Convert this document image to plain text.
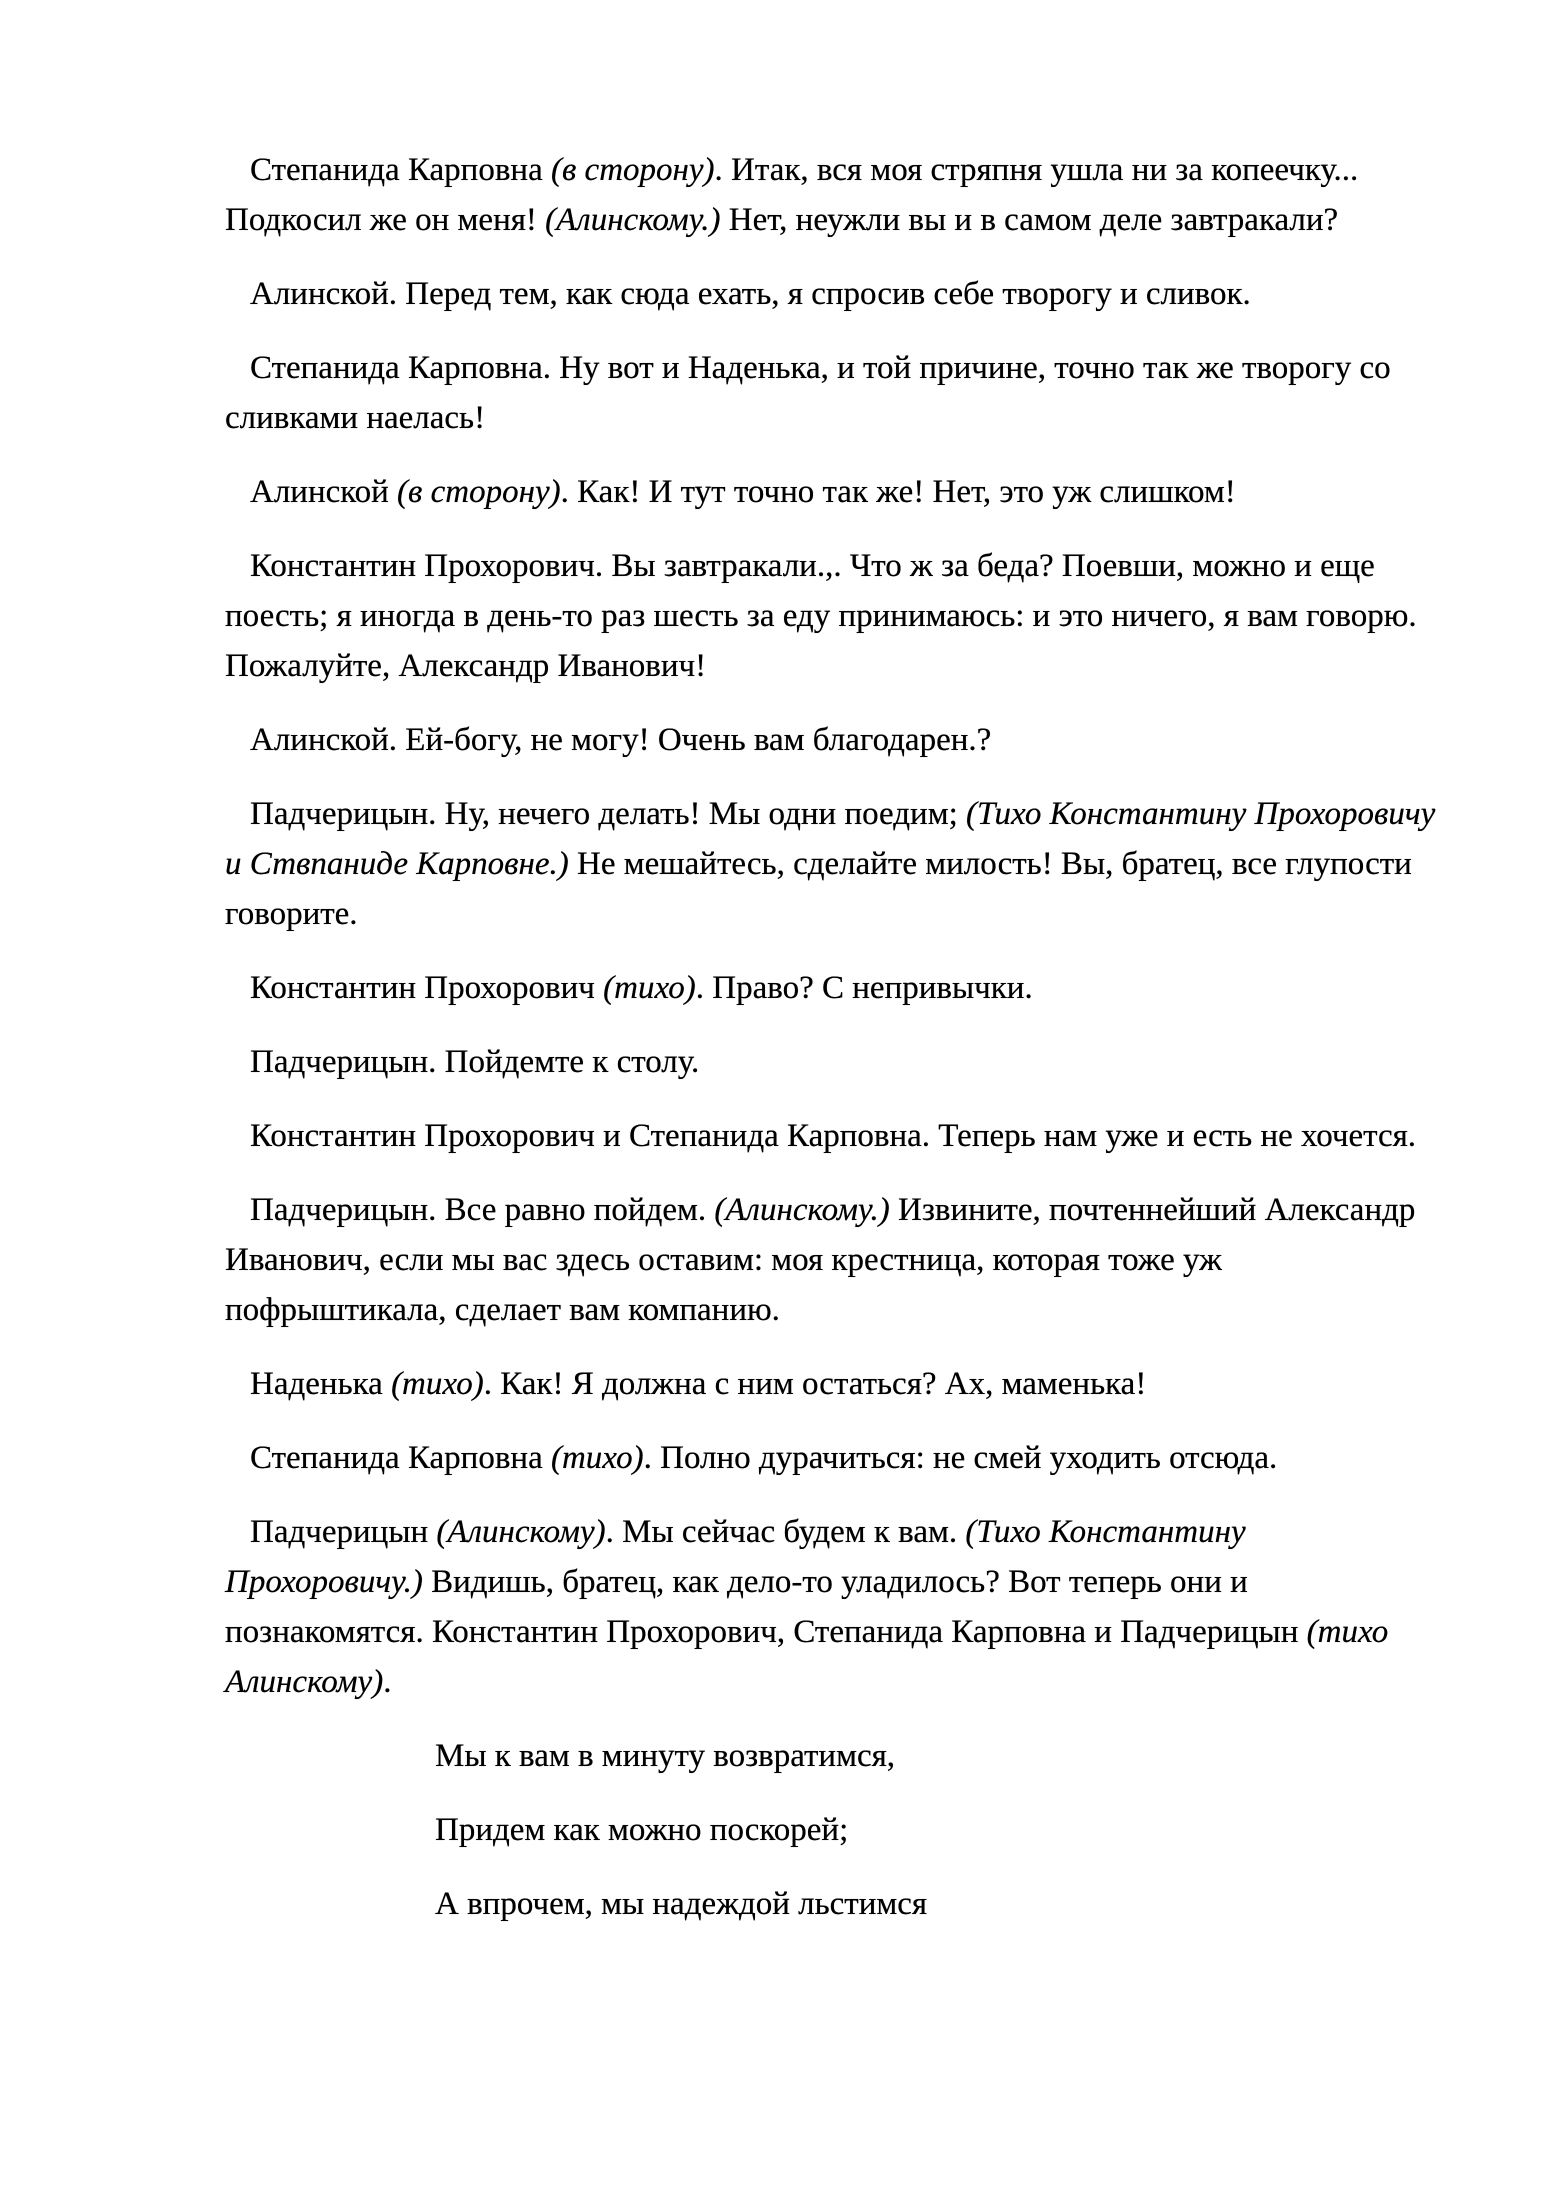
Степанида Карповна (в сторону). Итак, вся моя стряпня ушла ни за копеечку... Подкосил же он меня! (Алинскому.) Нет, неужли вы и в самом деле завтракали?

Алинской. Перед тем, как сюда ехать, я спросив себе творогу и сливок.

Степанида Карповна. Ну вот и Наденька, и той причине, точно так же творогу со сливками наелась!

Алинской (в сторону). Как! И тут точно так же! Нет, это уж слишком!

Константин Прохорович. Вы завтракали.,. Что ж за беда? Поевши, можно и еще поесть; я иногда в день-то раз шесть за еду принимаюсь: и это ничего, я вам говорю. Пожалуйте, Александр Иванович!

Алинской. Ей-богу, не могу! Очень вам благодарен.?

Падчерицын. Ну, нечего делать! Мы одни поедим; (Тихо Константину Прохоровичу и Ствпаниде Карповне.) Не мешайтесь, сделайте милость! Вы, братец, все глупости говорите.

Константин Прохорович (тихо). Право? С непривычки.

Падчерицын. Пойдемте к столу.

Константин Прохорович и Степанида Карповна. Теперь нам уже и есть не хочется.

Падчерицын. Все равно пойдем. (Алинскому.) Извините, почтеннейший Александр Иванович, если мы вас здесь оставим: моя крестница, которая тоже уж пофрыштикала, сделает вам компанию.

Наденька (тихо). Как! Я должна с ним остаться? Ах, маменька!

Степанида Карповна (тихо). Полно дурачиться: не смей уходить отсюда.

Падчерицын (Алинскому). Мы сейчас будем к вам. (Тихо Константину Прохоровичу.) Видишь, братец, как дело-то уладилось? Вот теперь они и познакомятся. Константин Прохорович, Степанида Карповна и Падчерицын (тихо Алинскому).

Мы к вам в минуту возвратимся,

Придем как можно поскорей;

А впрочем, мы надеждой льстимся
